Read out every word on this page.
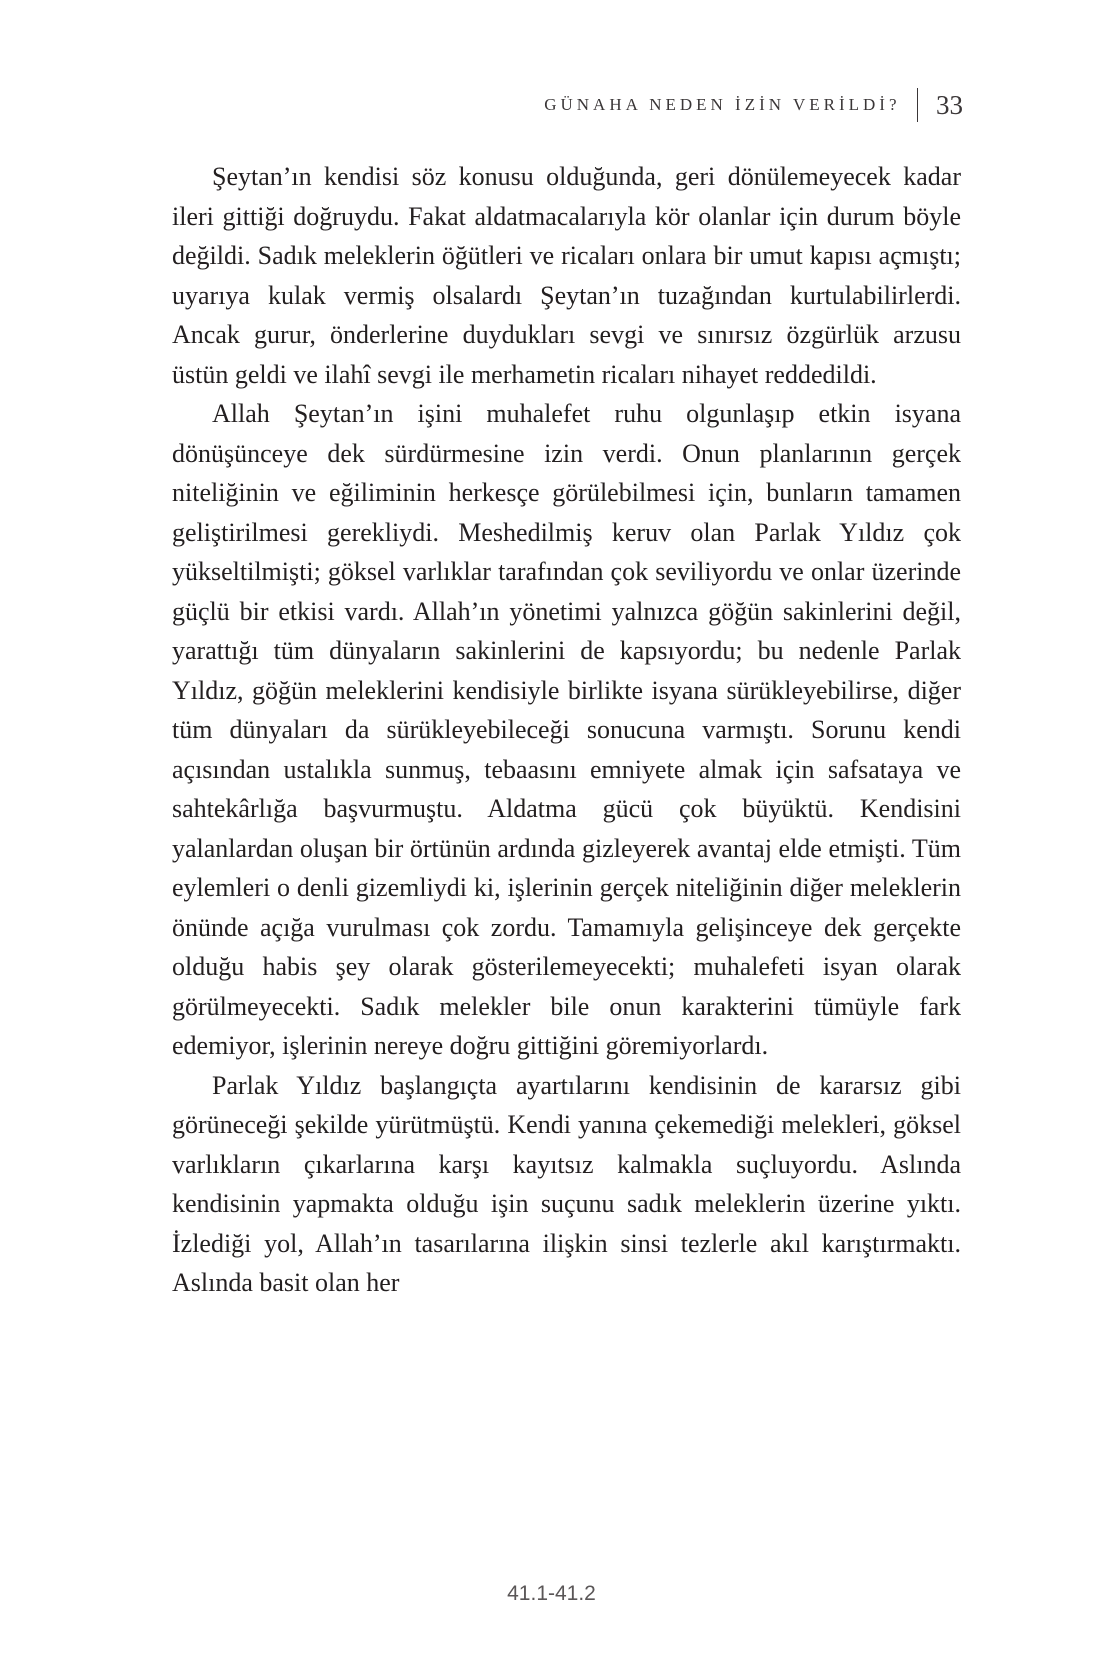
GÜNAHA NEDEN İZİN VERİLDİ? 33

Şeytan’ın kendisi söz konusu olduğunda, geri dönülemeyecek kadar ileri gittiği doğruydu. Fakat aldatmacalarıyla kör olanlar için durum böyle değildi. Sadık meleklerin öğütleri ve ricaları onlara bir umut kapısı açmıştı; uyarıya kulak vermiş olsalardı Şeytan’ın tuzağından kurtulabilirlerdi. Ancak gurur, önderlerine duydukları sevgi ve sınırsız özgürlük arzusu üstün geldi ve ilahî sevgi ile merhametin ricaları nihayet reddedildi.

Allah Şeytan’ın işini muhalefet ruhu olgunlaşıp etkin isyana dönüşünceye dek sürdürmesine izin verdi. Onun planlarının gerçek niteliğinin ve eğiliminin herkesçe görülebilmesi için, bunların tamamen geliştirilmesi gerekliydi. Meshedilmiş keruv olan Parlak Yıldız çok yükseltilmişti; göksel varlıklar tarafından çok seviliyordu ve onlar üzerinde güçlü bir etkisi vardı. Allah’ın yönetimi yalnızca göğün sakinlerini değil, yarattığı tüm dünyaların sakinlerini de kapsıyordu; bu nedenle Parlak Yıldız, göğün meleklerini kendisiyle birlikte isyana sürükleyebilirse, diğer tüm dünyaları da sürükleyebileceği sonucuna varmıştı. Sorunu kendi açısından ustalıkla sunmuş, tebaasını emniyete almak için safsataya ve sahtekârlığa başvurmuştu. Aldatma gücü çok büyüktü. Kendisini yalanlardan oluşan bir örtünün ardında gizleyerek avantaj elde etmişti. Tüm eylemleri o denli gizemliydi ki, işlerinin gerçek niteliğinin diğer meleklerin önünde açığa vurulması çok zordu. Tamamıyla gelişinceye dek gerçekte olduğu habis şey olarak gösterilemeyecekti; muhalefeti isyan olarak görülmeyecekti. Sadık melekler bile onun karakterini tümüyle fark edemiyor, işlerinin nereye doğru gittiğini göremiyorlardı.

Parlak Yıldız başlangıçta ayartılarını kendisinin de kararsız gibi görüneceği şekilde yürütmüştü. Kendi yanına çekemediği melekleri, göksel varlıkların çıkarlarına karşı kayıtsız kalmakla suçluyordu. Aslında kendisinin yapmakta olduğu işin suçunu sadık meleklerin üzerine yıktı. İzlediği yol, Allah’ın tasarılarına ilişkin sinsi tezlerle akıl karıştırmaktı. Aslında basit olan her

41.1-41.2
